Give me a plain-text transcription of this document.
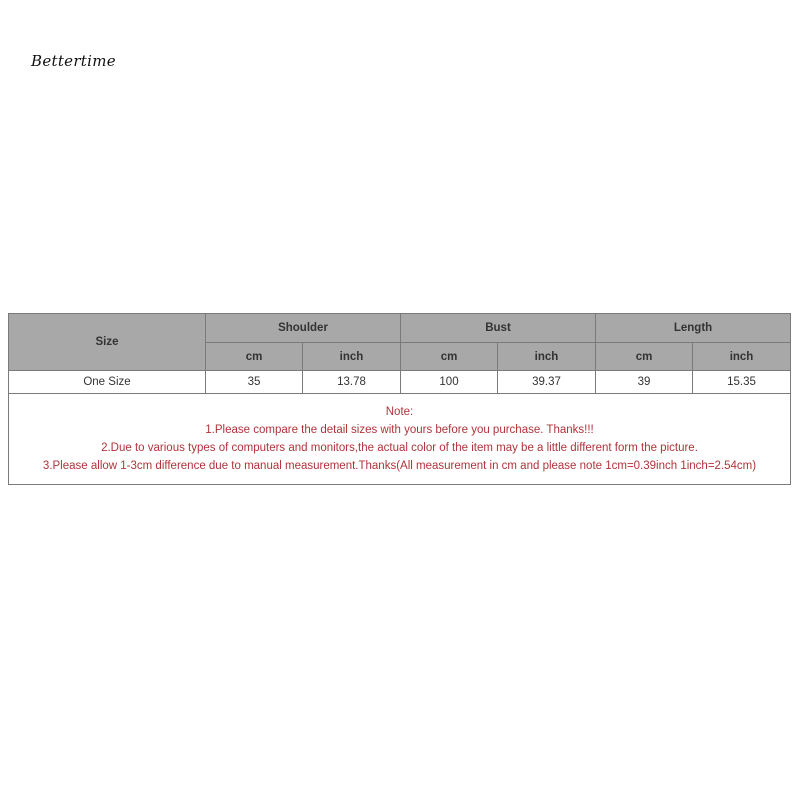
Bettertime
Size	Shoulder		Bust		Length	
	cm	inch	cm	inch	cm	inch
One Size	35	13.78	100	39.37	39	15.35

Note:
1.Please compare the detail sizes with yours before you purchase. Thanks!!!
2.Due to various types of computers and monitors,the actual color of the item may be a little different form the picture.
3.Please allow 1-3cm difference due to manual measurement.Thanks(All measurement in cm and please note 1cm=0.39inch 1inch=2.54cm)						
